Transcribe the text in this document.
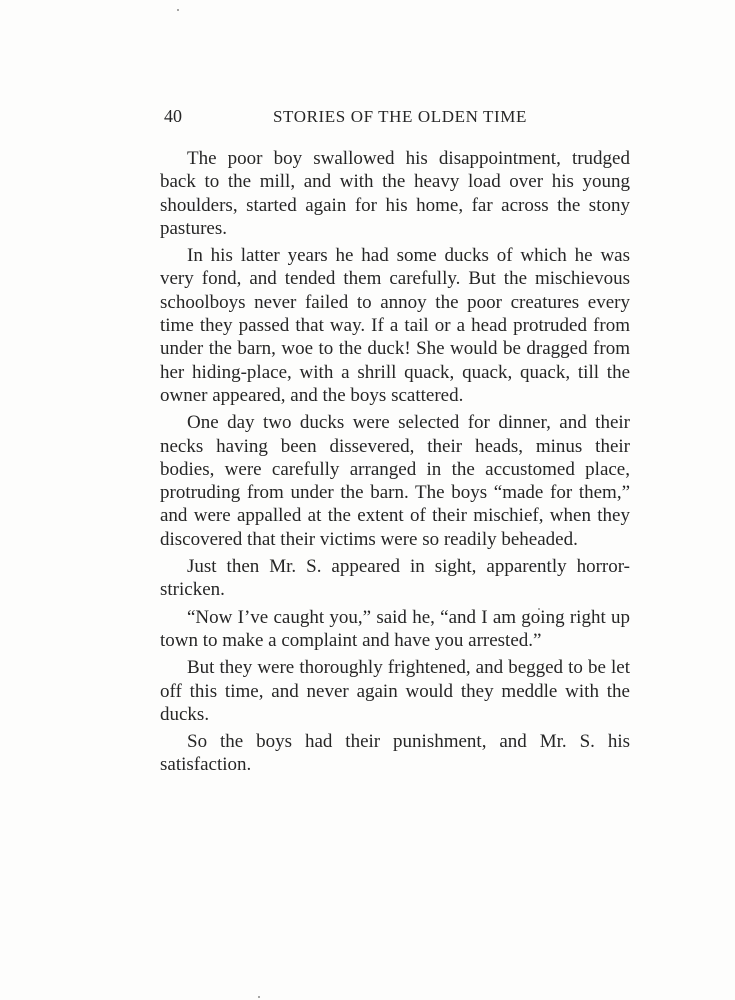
40	STORIES OF THE OLDEN TIME

The poor boy swallowed his disappointment, trudged back to the mill, and with the heavy load over his young shoulders, started again for his home, far across the stony pastures.

In his latter years he had some ducks of which he was very fond, and tended them carefully. But the mischievous schoolboys never failed to annoy the poor creatures every time they passed that way. If a tail or a head protruded from under the barn, woe to the duck! She would be dragged from her hiding-place, with a shrill quack, quack, quack, till the owner appeared, and the boys scattered.

One day two ducks were selected for dinner, and their necks having been dissevered, their heads, minus their bodies, were carefully arranged in the accustomed place, protruding from under the barn. The boys “made for them,” and were appalled at the extent of their mischief, when they discovered that their victims were so readily beheaded.

Just then Mr. S. appeared in sight, apparently horror-stricken.

“Now I’ve caught you,” said he, “and I am going right up town to make a complaint and have you arrested.”

But they were thoroughly frightened, and begged to be let off this time, and never again would they meddle with the ducks.

So the boys had their punishment, and Mr. S. his satisfaction.
